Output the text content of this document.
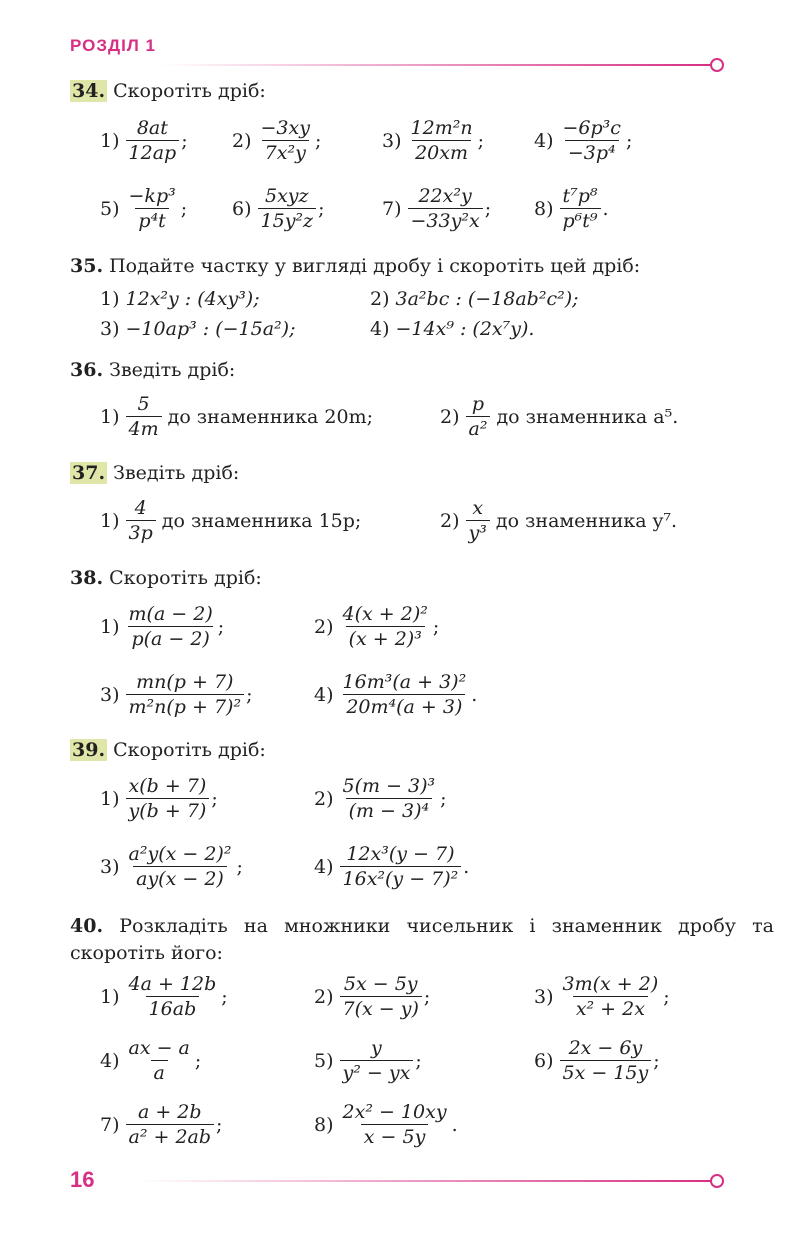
РОЗДІЛ 1
34. Скоротіть дріб:
$1) \frac{8at}{12ap}$ ; $2) \frac{-3xy}{\text{7x²y}}$ ;	$3) \frac{\text{12m²n}}{20xm}$ ;	$4) \frac{\text{−6p³c}}{\text{−3p⁴}}$ ;
$5) \frac{\text{−kp³}}{\text{p⁴t}}$ ; $6) \frac{\text{5xyz}}{\text{15y²z}}$ ;	$7) \frac{\text{22x²y}}{\text{−33y²x}}$ ; $8) \frac{\text{t⁷p⁸}}{\text{p⁶t⁹}}$ .
35. Подайте частку у вигляді дробу і скоротіть цей дріб:
1) 12x²y : (4xy³);	2) 3a²bc : (−18ab²c²);
3) −10ap³ : (−15a²);	4) −14x⁹ : (2x⁷y).
36. Зведіть дріб:
$1) \frac{5}{4m}$ до знаменника 20m;	$2) \frac{p}{\text{a²}}$ до знаменника a⁵.
37. Зведіть дріб:
$1) \frac{4}{3p}$ до знаменника 15p;	$2) \frac{x}{\text{y³}}$ до знаменника y⁷.
38. Скоротіть дріб:
$1) \frac{m(a - 2)}{p(a - 2)}$ ;	$2) \frac{\text{4(x + 2)²}}{\text{(x + 2)³}}$ ;
$3) \frac{mn(p + 7)}{\text{m²n(p + 7)²}}$ ;	$4) \frac{\text{16m³(a + 3)²}}{\text{20m⁴(a + 3)}}$ .
39. Скоротіть дріб:
$1) \frac{x(b + 7)}{y(b + 7)}$ ;	$2) \frac{\text{5(m − 3)³}}{\text{(m − 3)⁴}}$ ;
$3) \frac{\text{a²y(x − 2)²}}{ay(x - 2)}$ ;	$4) \frac{\text{12x³(y − 7)}}{\text{16x²(y − 7)²}}$ .
40. Розкладіть на множники чисельник і знаменник дробу та скоротіть його:
$1) \frac{4a + 12b}{16ab}$ ;	$2) \frac{5x - 5y}{7(x - y)}$ ;	$3) \frac{3m(x + 2)}{\text{x² + 2x}}$ ;
$4) \frac{ax - a}{a}$ ;	$5) \frac{y}{\text{y² − yx}}$ ;	$6) \frac{2x - 6y}{5x - 15y}$ ;
$7) \frac{a + 2b}{\text{a² + 2ab}}$ ;	$8) \frac{\text{2x² − 10xy}}{x - 5y}$ .
16
